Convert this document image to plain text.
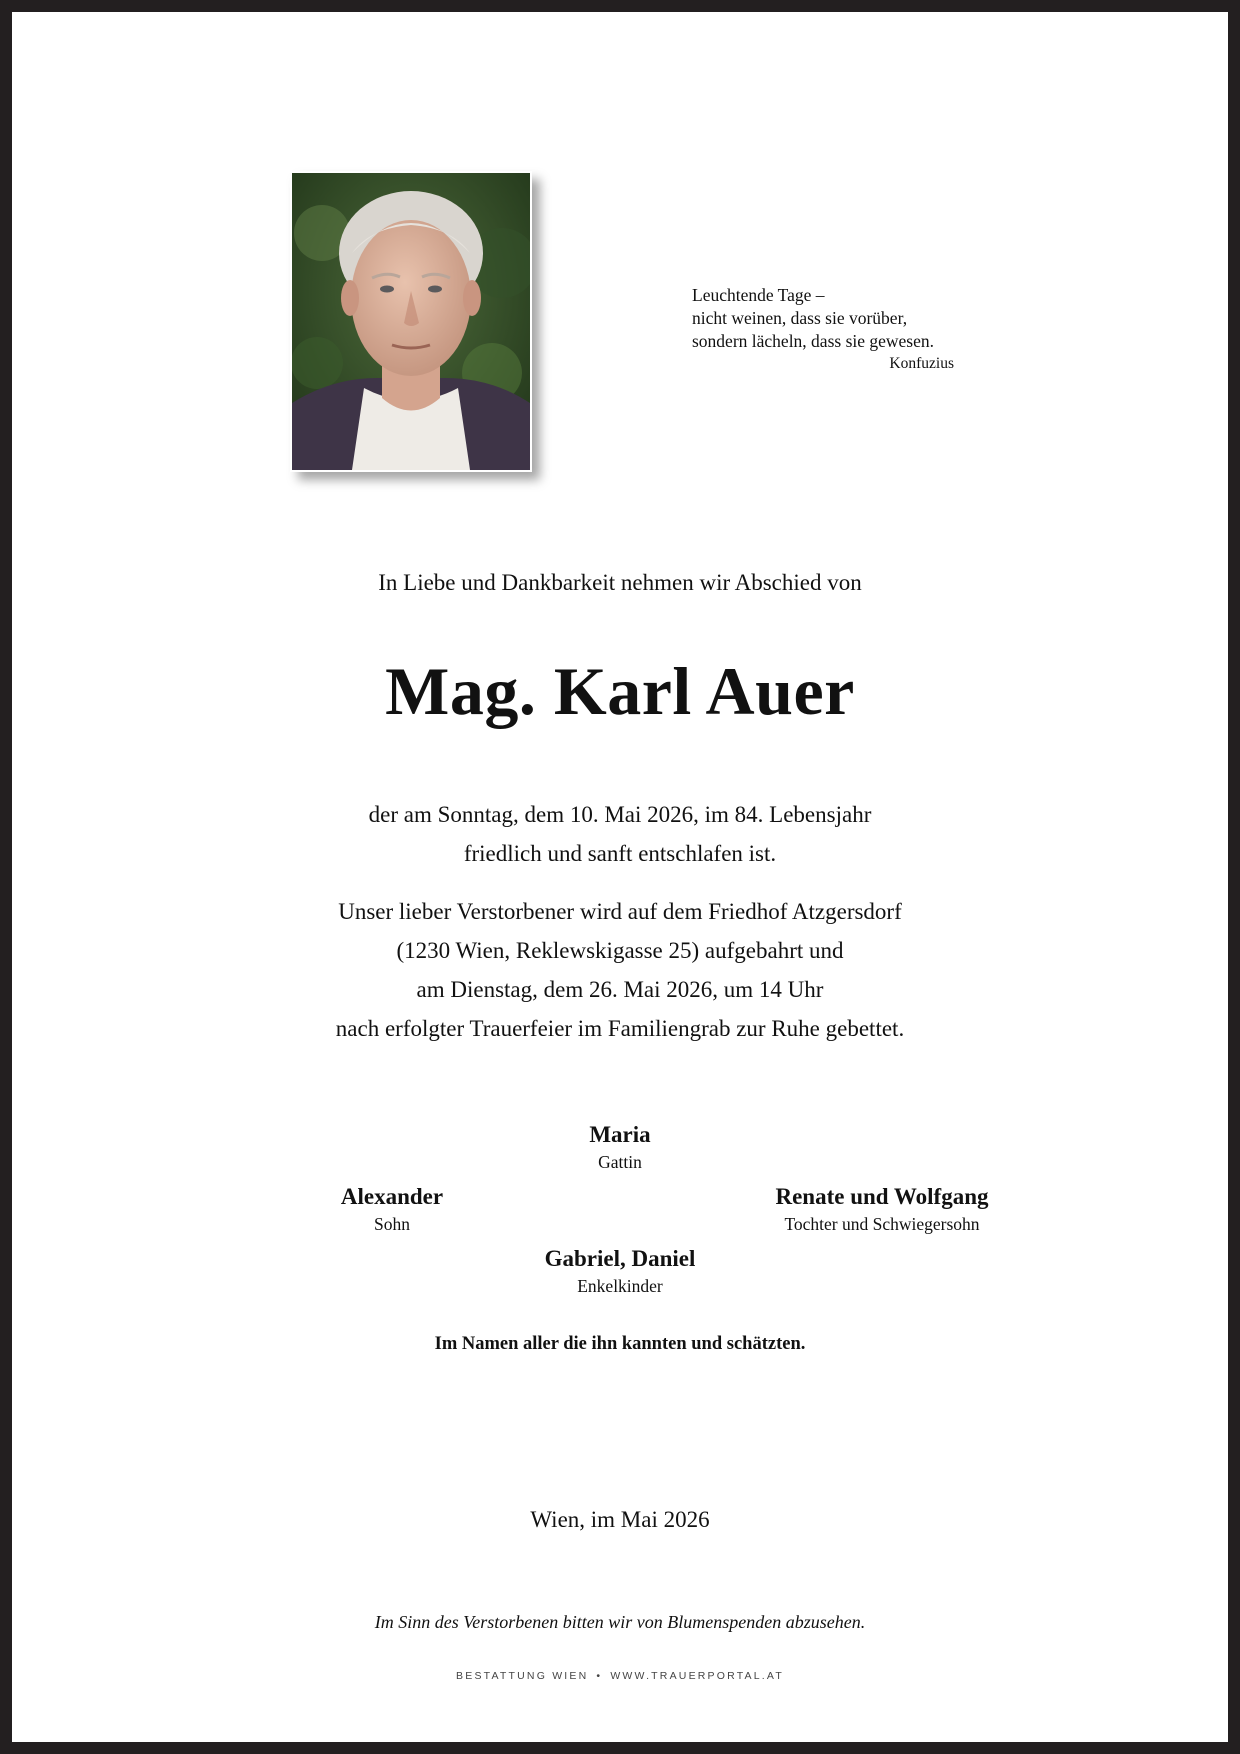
Leuchtende Tage –
nicht weinen, dass sie vorüber,
sondern lächeln, dass sie gewesen.
Konfuzius
In Liebe und Dankbarkeit nehmen wir Abschied von
Mag. Karl Auer
der am Sonntag, dem 10. Mai 2026, im 84. Lebensjahr
friedlich und sanft entschlafen ist.
Unser lieber Verstorbener wird auf dem Friedhof Atzgersdorf
(1230 Wien, Reklewskigasse 25) aufgebahrt und
am Dienstag, dem 26. Mai 2026, um 14 Uhr
nach erfolgter Trauerfeier im Familiengrab zur Ruhe gebettet.
Maria
Gattin
Alexander
Sohn
Renate und Wolfgang
Tochter und Schwiegersohn
Gabriel, Daniel
Enkelkinder
Im Namen aller die ihn kannten und schätzten.
Wien, im Mai 2026
Im Sinn des Verstorbenen bitten wir von Blumenspenden abzusehen.
BESTATTUNG WIEN • WWW.TRAUERPORTAL.AT
